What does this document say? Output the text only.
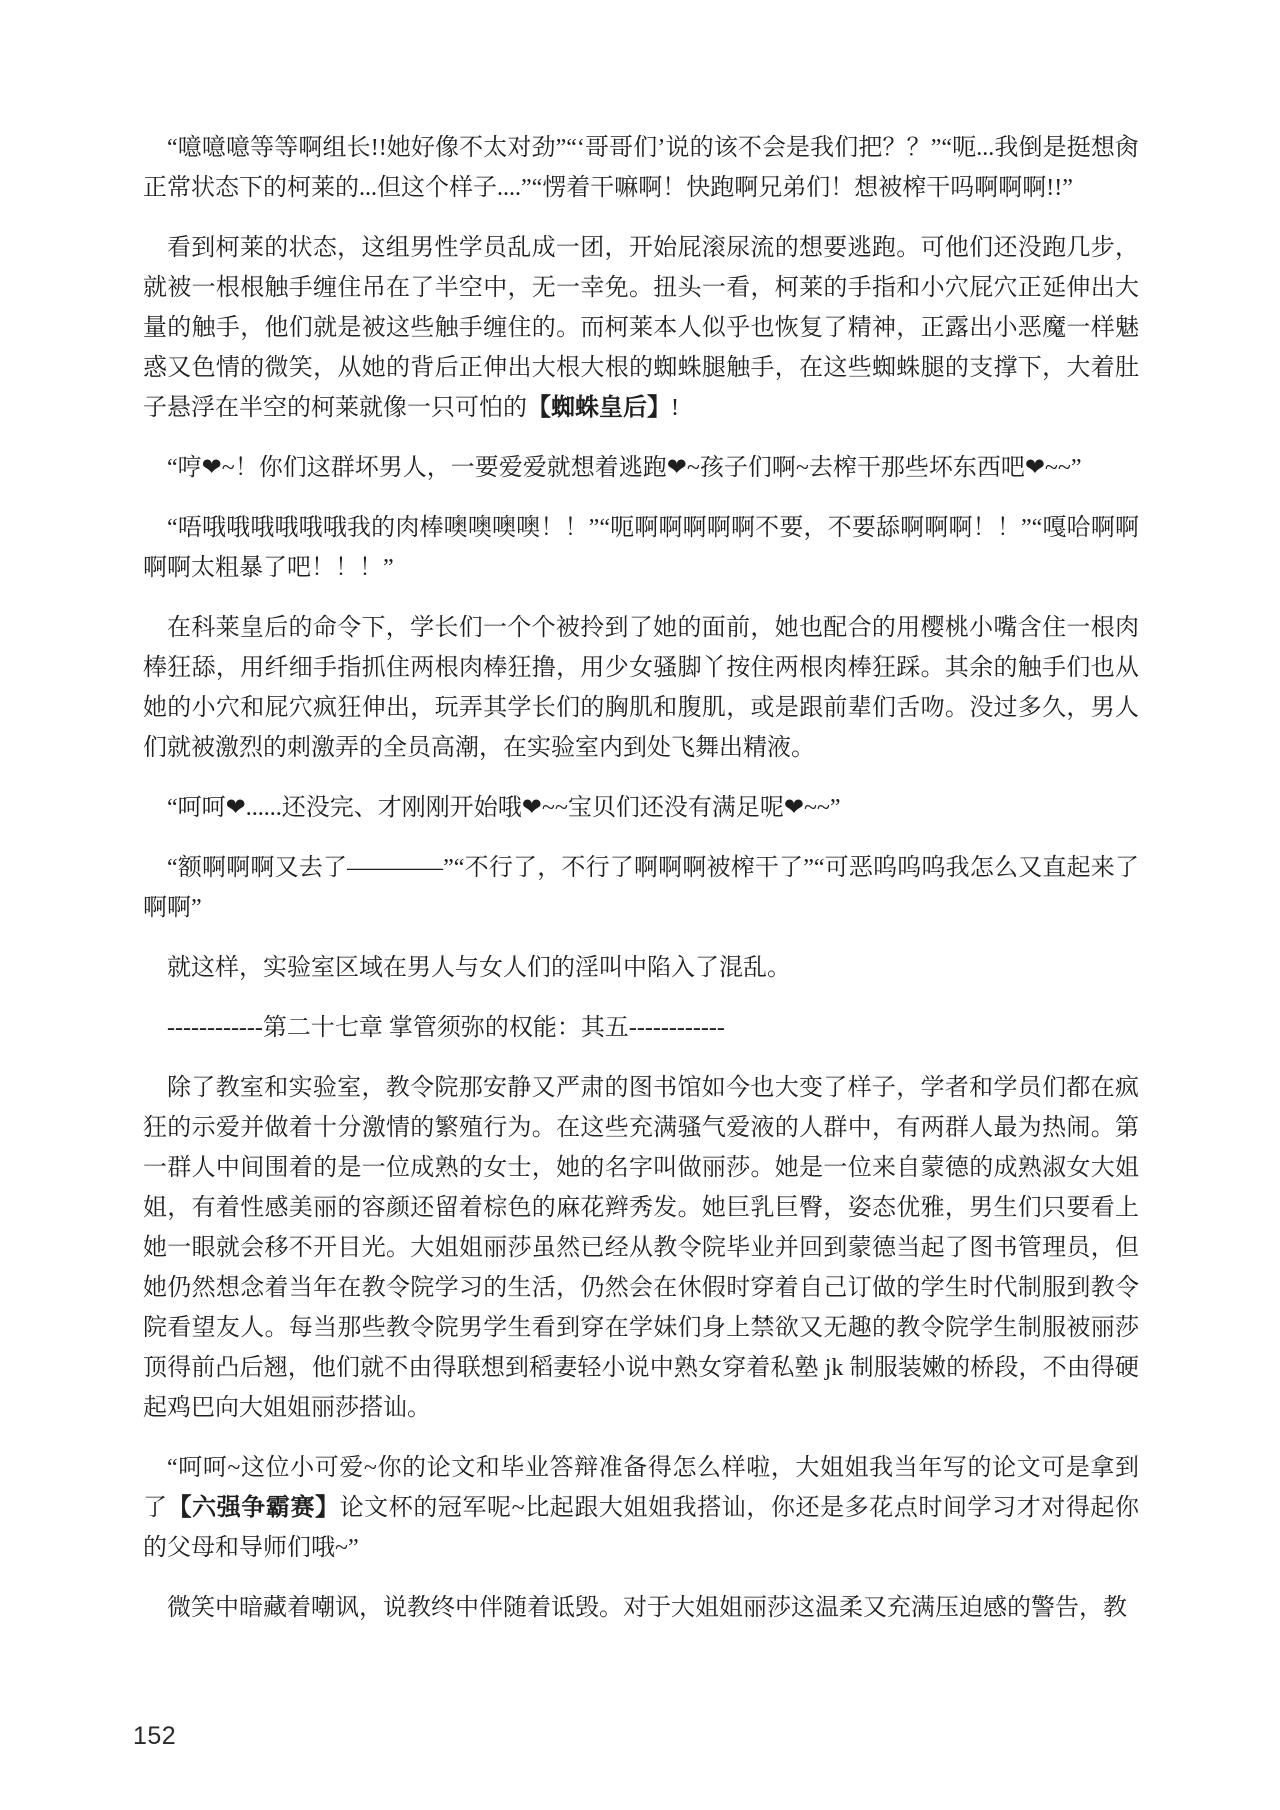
“噫噫噫等等啊组长!!她好像不太对劲”“‘哥哥们’说的该不会是我们把？？”“呃...我倒是挺想肏正常状态下的柯莱的...但这个样子....”“愣着干嘛啊！快跑啊兄弟们！想被榨干吗啊啊啊!!”

看到柯莱的状态，这组男性学员乱成一团，开始屁滚尿流的想要逃跑。可他们还没跑几步，就被一根根触手缠住吊在了半空中，无一幸免。扭头一看，柯莱的手指和小穴屁穴正延伸出大量的触手，他们就是被这些触手缠住的。而柯莱本人似乎也恢复了精神，正露出小恶魔一样魅惑又色情的微笑，从她的背后正伸出大根大根的蜘蛛腿触手，在这些蜘蛛腿的支撑下，大着肚子悬浮在半空的柯莱就像一只可怕的【蜘蛛皇后】!

“哼❤~！你们这群坏男人，一要爱爱就想着逃跑❤~孩子们啊~去榨干那些坏东西吧❤~~”

“唔哦哦哦哦哦哦我的肉棒噢噢噢噢！！”“呃啊啊啊啊啊不要，不要舔啊啊啊！！”“嘎哈啊啊啊啊太粗暴了吧！！！”

在科莱皇后的命令下，学长们一个个被拎到了她的面前，她也配合的用樱桃小嘴含住一根肉棒狂舔，用纤细手指抓住两根肉棒狂撸，用少女骚脚丫按住两根肉棒狂踩。其余的触手们也从她的小穴和屁穴疯狂伸出，玩弄其学长们的胸肌和腹肌，或是跟前辈们舌吻。没过多久，男人们就被激烈的刺激弄的全员高潮，在实验室内到处飞舞出精液。

“呵呵❤......还没完、才刚刚开始哦❤~~宝贝们还没有满足呢❤~~”

“额啊啊啊又去了————”“不行了，不行了啊啊啊被榨干了”“可恶呜呜呜我怎么又直起来了啊啊”

就这样，实验室区域在男人与女人们的淫叫中陷入了混乱。

------------第二十七章 掌管须弥的权能：其五------------

除了教室和实验室，教令院那安静又严肃的图书馆如今也大变了样子，学者和学员们都在疯狂的示爱并做着十分激情的繁殖行为。在这些充满骚气爱液的人群中，有两群人最为热闹。第一群人中间围着的是一位成熟的女士，她的名字叫做丽莎。她是一位来自蒙德的成熟淑女大姐姐，有着性感美丽的容颜还留着棕色的麻花辫秀发。她巨乳巨臀，姿态优雅，男生们只要看上她一眼就会移不开目光。大姐姐丽莎虽然已经从教令院毕业并回到蒙德当起了图书管理员，但她仍然想念着当年在教令院学习的生活，仍然会在休假时穿着自己订做的学生时代制服到教令院看望友人。每当那些教令院男学生看到穿在学妹们身上禁欲又无趣的教令院学生制服被丽莎顶得前凸后翘，他们就不由得联想到稻妻轻小说中熟女穿着私塾 jk 制服装嫩的桥段，不由得硬起鸡巴向大姐姐丽莎搭讪。

“呵呵~这位小可爱~你的论文和毕业答辩准备得怎么样啦，大姐姐我当年写的论文可是拿到了【六强争霸赛】论文杯的冠军呢~比起跟大姐姐我搭讪，你还是多花点时间学习才对得起你的父母和导师们哦~”

微笑中暗藏着嘲讽，说教终中伴随着诋毁。对于大姐姐丽莎这温柔又充满压迫感的警告，教

152
